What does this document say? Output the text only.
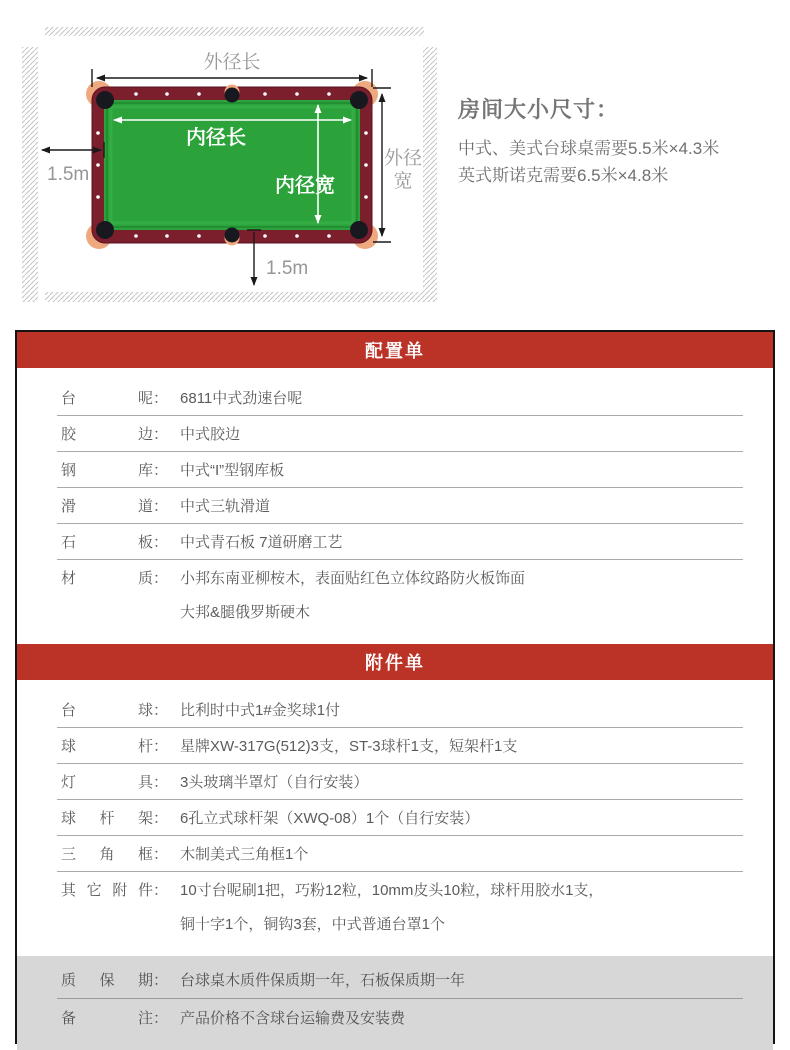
外径长
外径
宽
1.5m
1.5m
内径长
内径宽
房间大小尺寸：
中式、美式台球桌需要5.5米×4.3米
英式斯诺克需要6.5米×4.8米
配置单
台呢 ： 6811中式劲速台呢
胶边 ： 中式胶边
钢库 ： 中式“I”型钢库板
滑道 ： 中式三轨滑道
石板 ： 中式青石板 7道研磨工艺
材质 ： 小邦东南亚柳桉木，表面贴红色立体纹路防火板饰面
大邦&腿俄罗斯硬木
附件单
台球 ： 比利时中式1#金奖球1付
球杆 ： 星牌XW-317G(512)3支，ST-3球杆1支，短架杆1支
灯具 ： 3头玻璃半罩灯（自行安装）
球杆架 ： 6孔立式球杆架（XWQ-08）1个（自行安装）
三角框 ： 木制美式三角框1个
其它附件 ： 10寸台呢刷1把，巧粉12粒，10mm皮头10粒，球杆用胶水1支，
铜十字1个，铜钩3套，中式普通台罩1个
质保期 ： 台球桌木质件保质期一年，石板保质期一年
备注 ： 产品价格不含球台运输费及安装费
